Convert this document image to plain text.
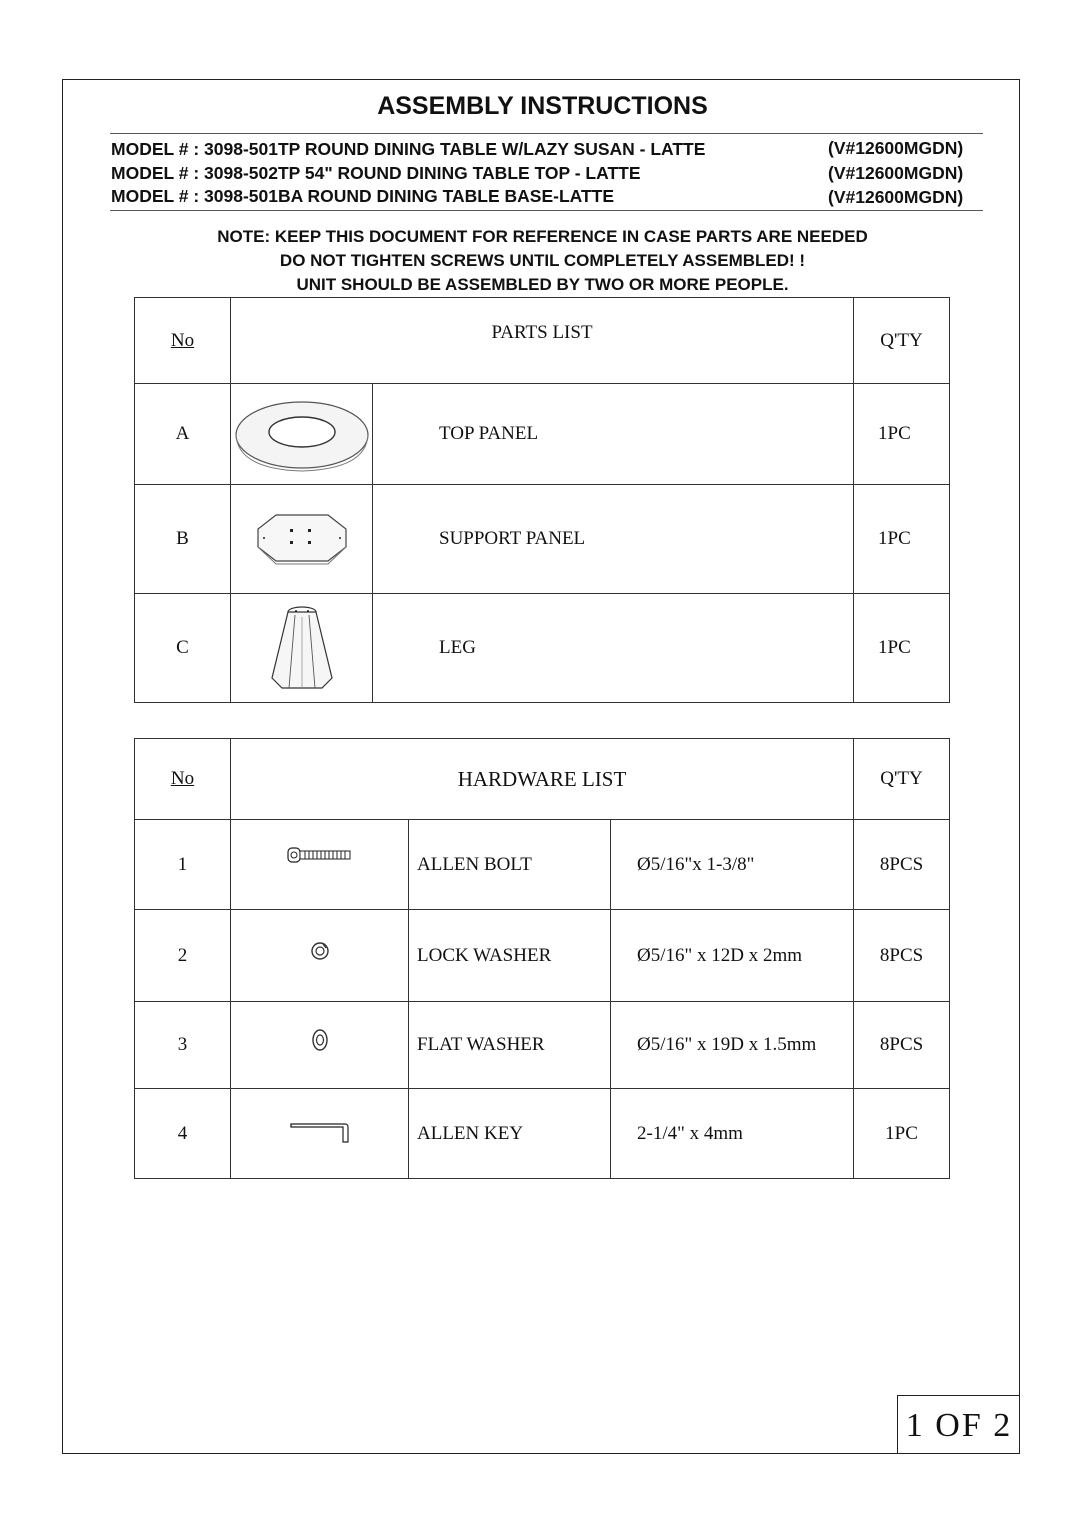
ASSEMBLY INSTRUCTIONS
MODEL # : 3098-501TP ROUND DINING TABLE W/LAZY SUSAN - LATTE	(V#12600MGDN)
MODEL # : 3098-502TP 54" ROUND DINING TABLE TOP - LATTE	(V#12600MGDN)
MODEL # : 3098-501BA ROUND DINING TABLE BASE-LATTE	(V#12600MGDN)
NOTE: KEEP THIS DOCUMENT FOR REFERENCE IN CASE PARTS ARE NEEDED
DO NOT TIGHTEN SCREWS UNTIL COMPLETELY ASSEMBLED! !
UNIT SHOULD BE ASSEMBLED BY TWO OR MORE PEOPLE.
No	PARTS LIST		Q'TY
A		TOP PANEL	1PC
B		SUPPORT PANEL	1PC
C		LEG	1PC
No	HARDWARE LIST			Q'TY
1		ALLEN BOLT	Ø5/16"x 1-3/8"	8PCS
2		LOCK WASHER	Ø5/16" x 12D x 2mm	8PCS
3		FLAT WASHER	Ø5/16" x 19D x 1.5mm	8PCS
4		ALLEN KEY	2-1/4" x 4mm	1PC
1 OF 2
